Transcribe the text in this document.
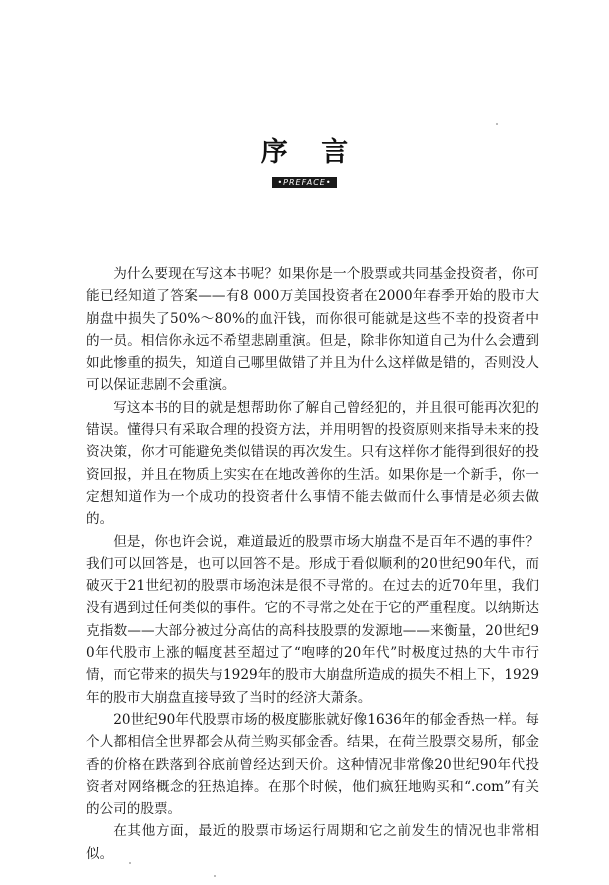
序 言
•PREFACE•

为什么要现在写这本书呢？如果你是一个股票或共同基金投资者，你可能已经知道了答案——有8 000万美国投资者在2000年春季开始的股市大崩盘中损失了50%～80%的血汗钱，而你很可能就是这些不幸的投资者中的一员。相信你永远不希望悲剧重演。但是，除非你知道自己为什么会遭到如此惨重的损失，知道自己哪里做错了并且为什么这样做是错的，否则没人可以保证悲剧不会重演。

写这本书的目的就是想帮助你了解自己曾经犯的，并且很可能再次犯的错误。懂得只有采取合理的投资方法，并用明智的投资原则来指导未来的投资决策，你才可能避免类似错误的再次发生。只有这样你才能得到很好的投资回报，并且在物质上实实在在地改善你的生活。如果你是一个新手，你一定想知道作为一个成功的投资者什么事情不能去做而什么事情是必须去做的。

但是，你也许会说，难道最近的股票市场大崩盘不是百年不遇的事件？我们可以回答是，也可以回答不是。形成于看似顺利的20世纪90年代，而破灭于21世纪初的股票市场泡沫是很不寻常的。在过去的近70年里，我们没有遇到过任何类似的事件。它的不寻常之处在于它的严重程度。以纳斯达克指数——大部分被过分高估的高科技股票的发源地——来衡量，20世纪90年代股市上涨的幅度甚至超过了“咆哮的20年代”时极度过热的大牛市行情，而它带来的损失与1929年的股市大崩盘所造成的损失不相上下，1929年的股市大崩盘直接导致了当时的经济大萧条。

20世纪90年代股票市场的极度膨胀就好像1636年的郁金香热一样。每个人都相信全世界都会从荷兰购买郁金香。结果，在荷兰股票交易所，郁金香的价格在跌落到谷底前曾经达到天价。这种情况非常像20世纪90年代投资者对网络概念的狂热追捧。在那个时候，他们疯狂地购买和“.com”有关的公司的股票。

在其他方面，最近的股票市场运行周期和它之前发生的情况也非常相似。
